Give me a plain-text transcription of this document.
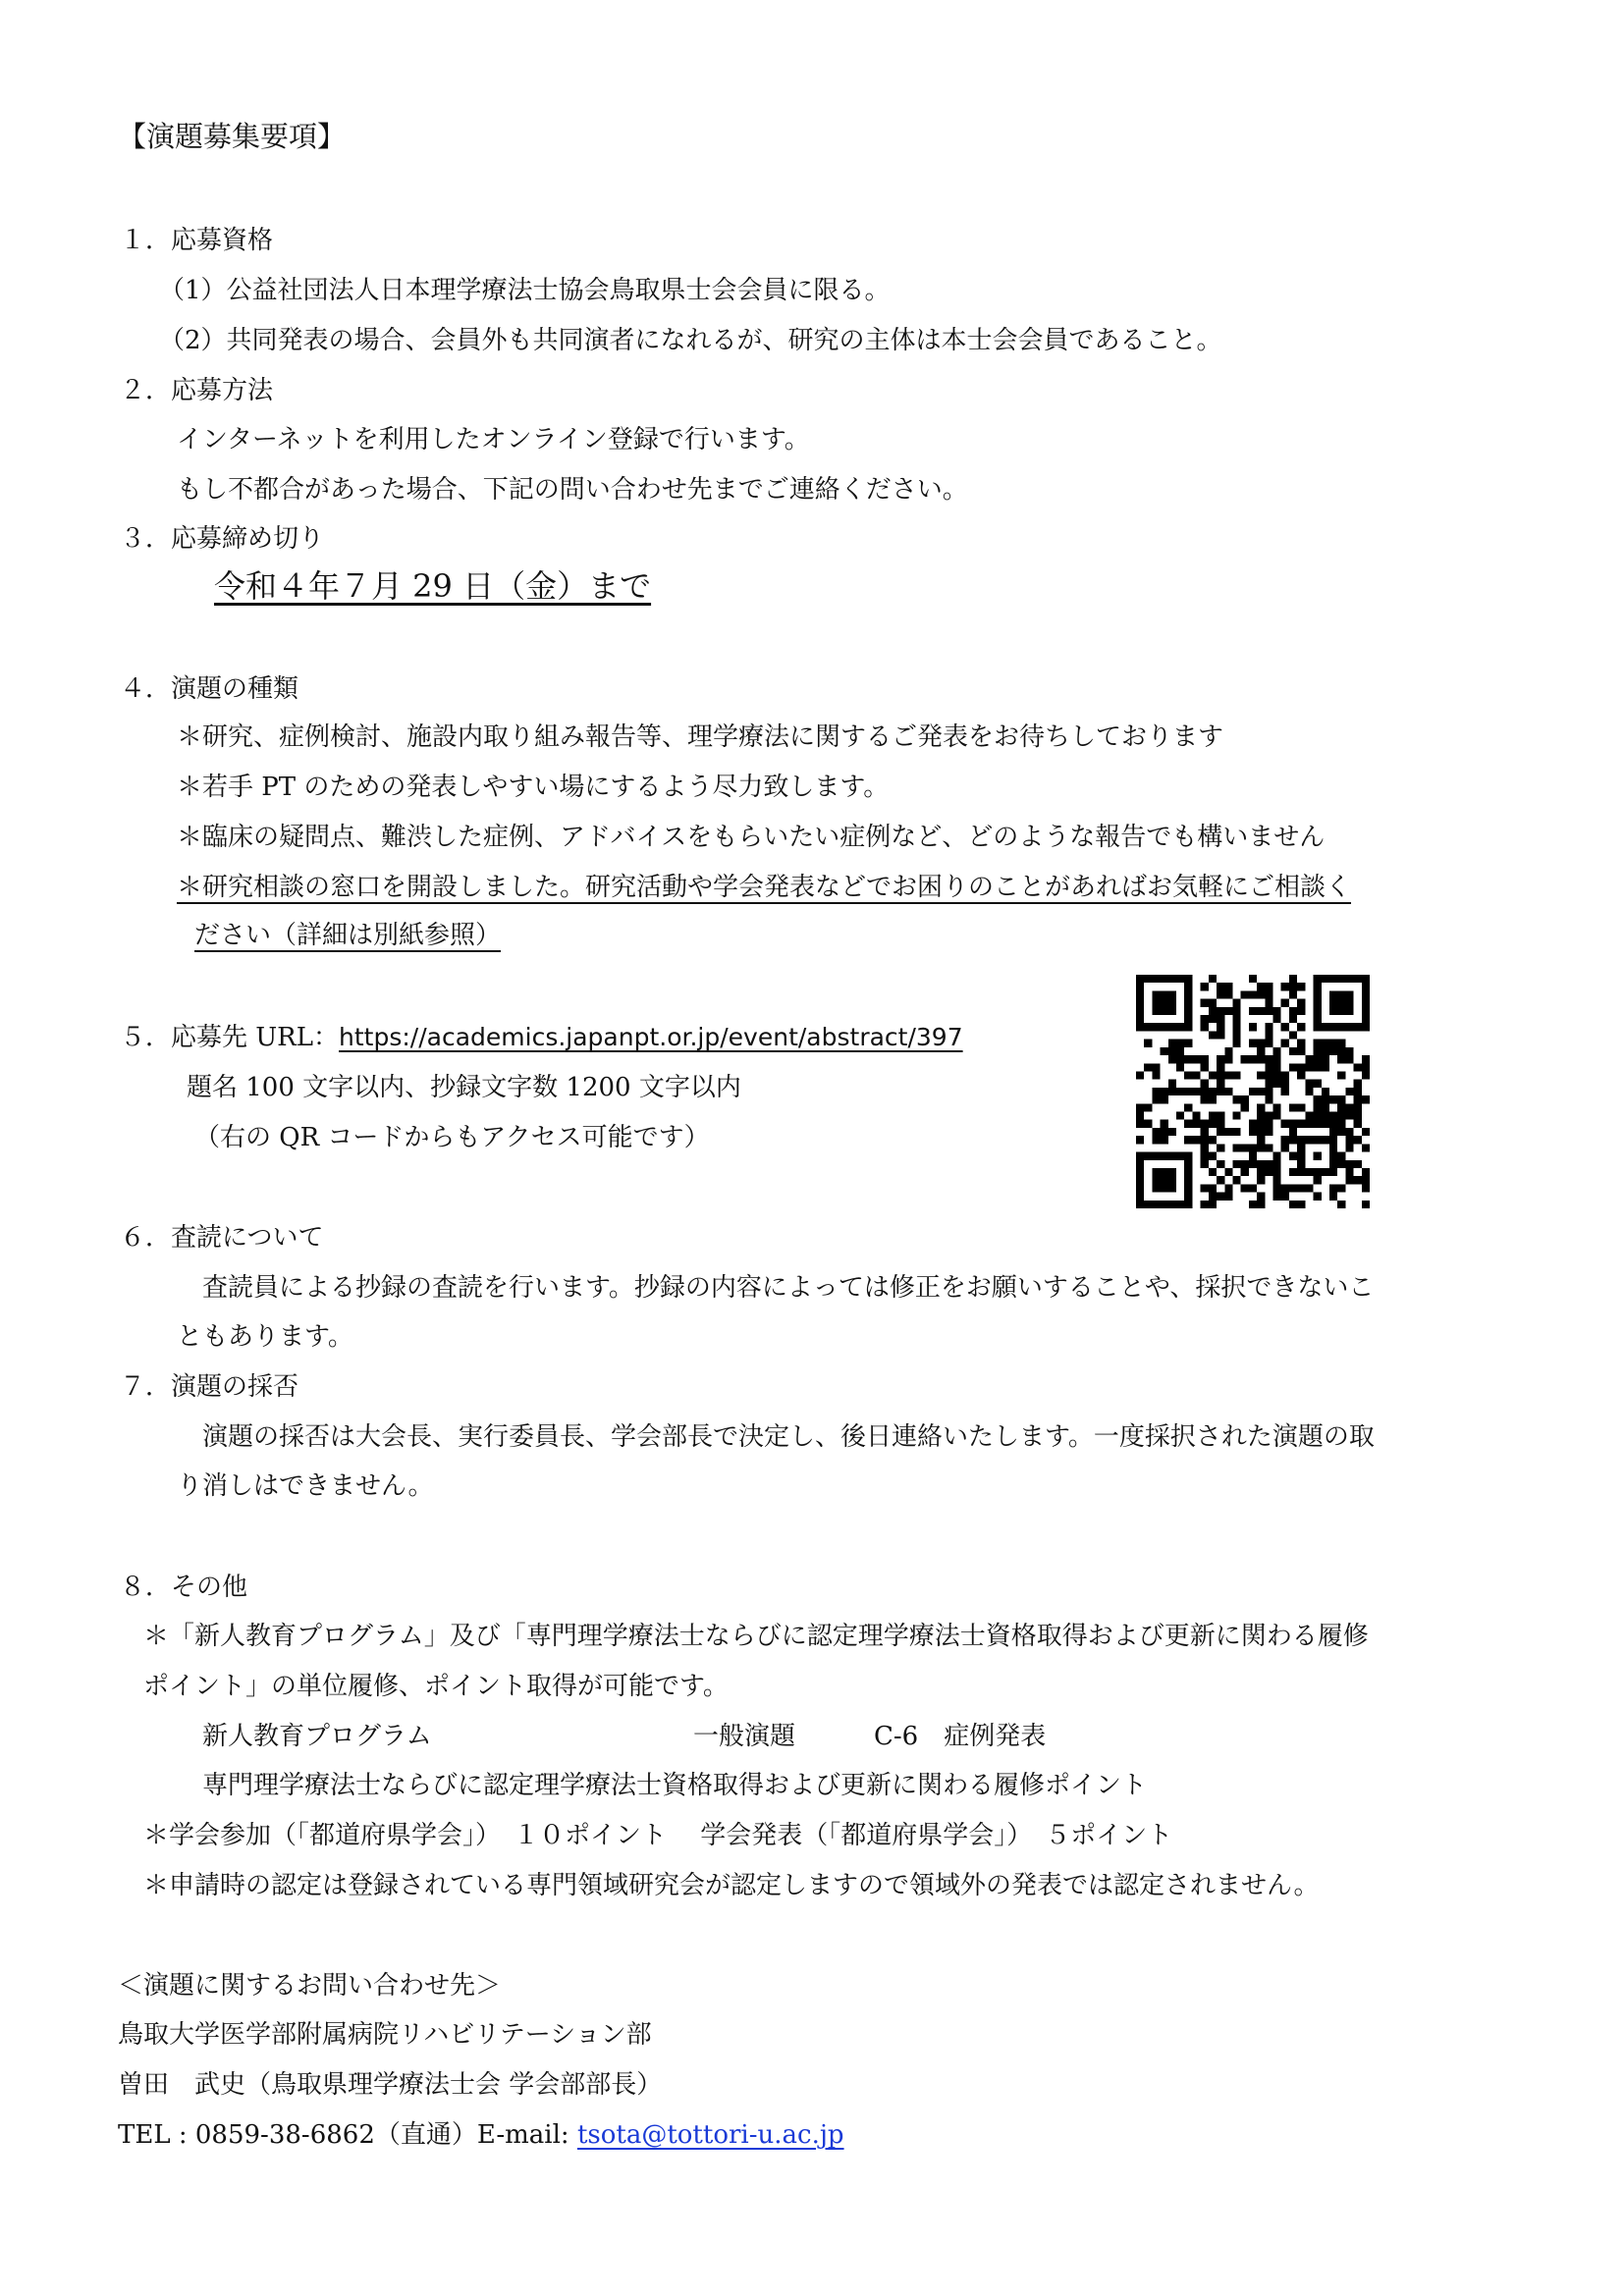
【演題募集要項】
１．応募資格
（1）公益社団法人日本理学療法士協会鳥取県士会会員に限る。
（2）共同発表の場合、会員外も共同演者になれるが、研究の主体は本士会会員であること。
２．応募方法
インターネットを利用したオンライン登録で行います。
もし不都合があった場合、下記の問い合わせ先までご連絡ください。
３．応募締め切り
令和４年７月 29 日（金）まで
４．演題の種類
＊研究、症例検討、施設内取り組み報告等、理学療法に関するご発表をお待ちしております
＊若手 PT のための発表しやすい場にするよう尽力致します。
＊臨床の疑問点、難渋した症例、アドバイスをもらいたい症例など、どのような報告でも構いません
＊研究相談の窓口を開設しました。研究活動や学会発表などでお困りのことがあればお気軽にご相談く
ださい（詳細は別紙参照）
５．応募先 URL：https://academics.japanpt.or.jp/event/abstract/397
題名 100 文字以内、抄録文字数 1200 文字以内
（右の QR コードからもアクセス可能です）
６．査読について
査読員による抄録の査読を行います。抄録の内容によっては修正をお願いすることや、採択できないこ
ともあります。
７．演題の採否
演題の採否は大会長、実行委員長、学会部長で決定し、後日連絡いたします。一度採択された演題の取
り消しはできません。
８．その他
＊「新人教育プログラム」及び「専門理学療法士ならびに認定理学療法士資格取得および更新に関わる履修
ポイント」の単位履修、ポイント取得が可能です。
新人教育プログラム	一般演題	C-6　症例発表
専門理学療法士ならびに認定理学療法士資格取得および更新に関わる履修ポイント
＊学会参加（「都道府県学会」）　１０ポイント　 学会発表（「都道府県学会」）　５ポイント
＊申請時の認定は登録されている専門領域研究会が認定しますので領域外の発表では認定されません。
＜演題に関するお問い合わせ先＞
鳥取大学医学部附属病院リハビリテーション部
曽田　武史（鳥取県理学療法士会 学会部部長）
TEL : 0859-38-6862（直通）E-mail: tsota@tottori-u.ac.jp
